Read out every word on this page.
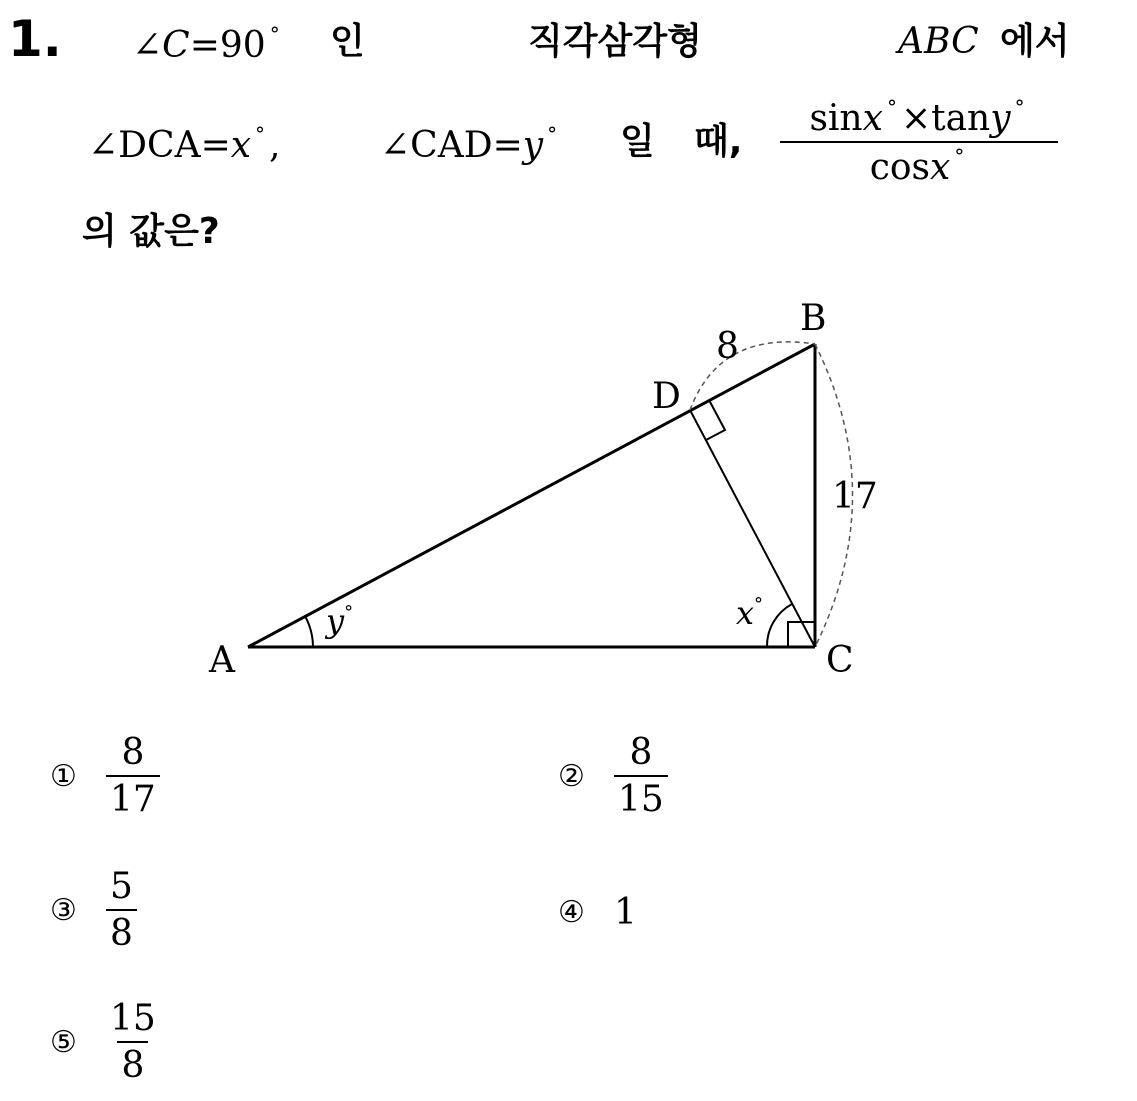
1. ∠C=90 ° 인	직각삼각형	ABC 에서
∠DCA=x ° ,	∠CAD=y ° 일 때, $\frac{\sin x ^\circ \times\tan y ^\circ}{\cos x ^\circ}$
의 값은?
A
B
C
D
8
17
y°	x°
① $\frac{8}{17}$	② $\frac{8}{15}$
③ $\frac{5}{8}$	④ 1
⑤ $\frac{15}{8}$
